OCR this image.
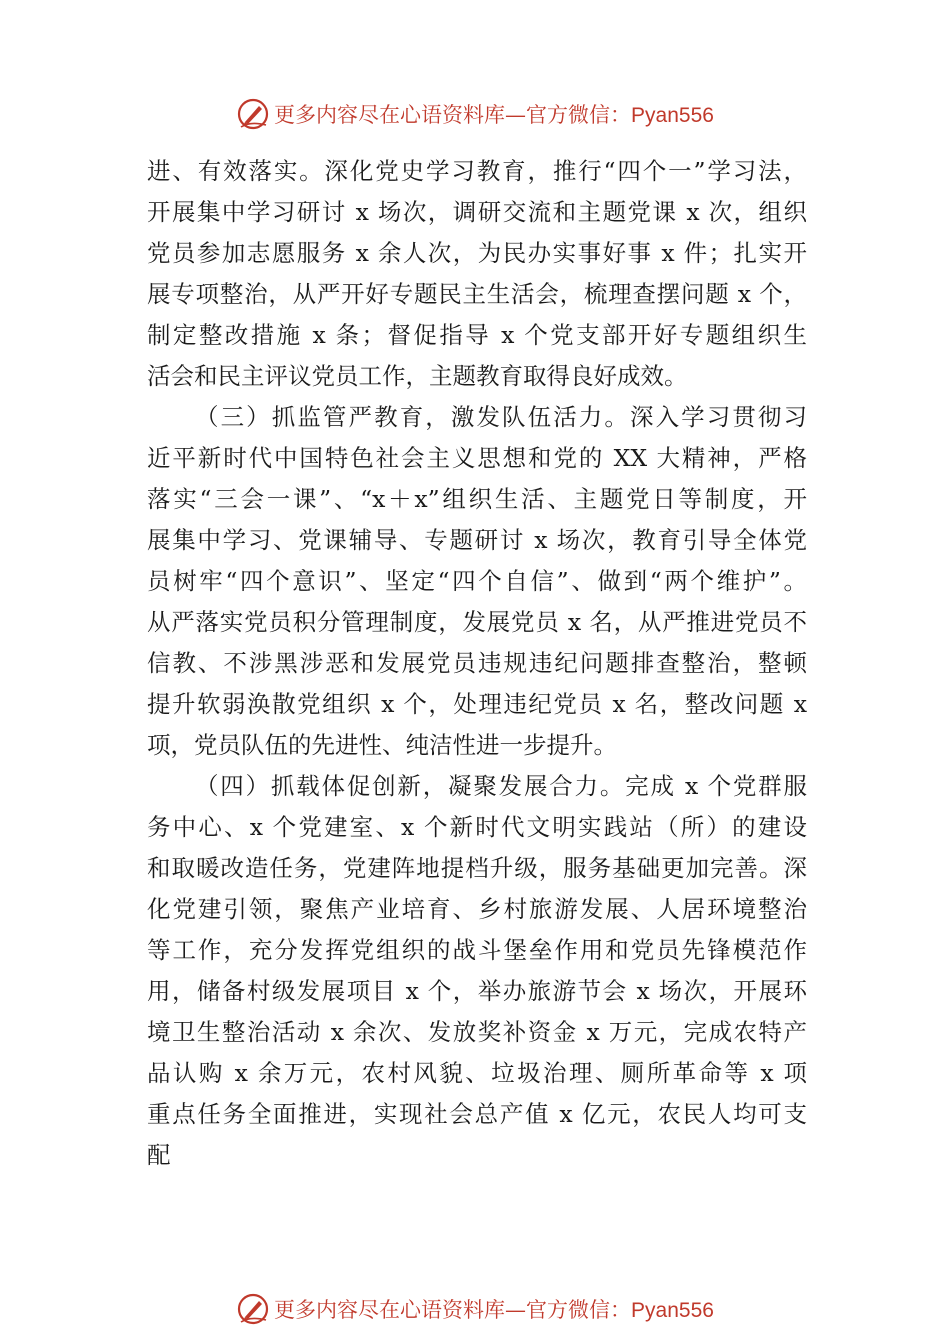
更多内容尽在心语资料库—官方微信：Pyan556
进、有效落实。深化党史学习教育，推行“四个一”学习法，
开展集中学习研讨 x 场次，调研交流和主题党课 x 次，组织
党员参加志愿服务 x 余人次，为民办实事好事 x 件；扎实开
展专项整治，从严开好专题民主生活会，梳理查摆问题 x 个，
制定整改措施 x 条；督促指导 x 个党支部开好专题组织生
活会和民主评议党员工作，主题教育取得良好成效。
（三）抓监管严教育，激发队伍活力。深入学习贯彻习
近平新时代中国特色社会主义思想和党的 XX 大精神，严格
落实“三会一课”、“x＋x”组织生活、主题党日等制度，开
展集中学习、党课辅导、专题研讨 x 场次，教育引导全体党
员树牢“四个意识”、坚定“四个自信”、做到“两个维护”。
从严落实党员积分管理制度，发展党员 x 名，从严推进党员不
信教、不涉黑涉恶和发展党员违规违纪问题排查整治，整顿
提升软弱涣散党组织 x 个，处理违纪党员 x 名，整改问题 x
项，党员队伍的先进性、纯洁性进一步提升。
（四）抓载体促创新，凝聚发展合力。完成 x 个党群服
务中心、x 个党建室、x 个新时代文明实践站（所）的建设
和取暖改造任务，党建阵地提档升级，服务基础更加完善。深
化党建引领，聚焦产业培育、乡村旅游发展、人居环境整治
等工作，充分发挥党组织的战斗堡垒作用和党员先锋模范作
用，储备村级发展项目 x 个，举办旅游节会 x 场次，开展环
境卫生整治活动 x 余次、发放奖补资金 x 万元，完成农特产
品认购 x 余万元，农村风貌、垃圾治理、厕所革命等 x 项
重点任务全面推进，实现社会总产值 x 亿元，农民人均可支
配
更多内容尽在心语资料库—官方微信：Pyan556
